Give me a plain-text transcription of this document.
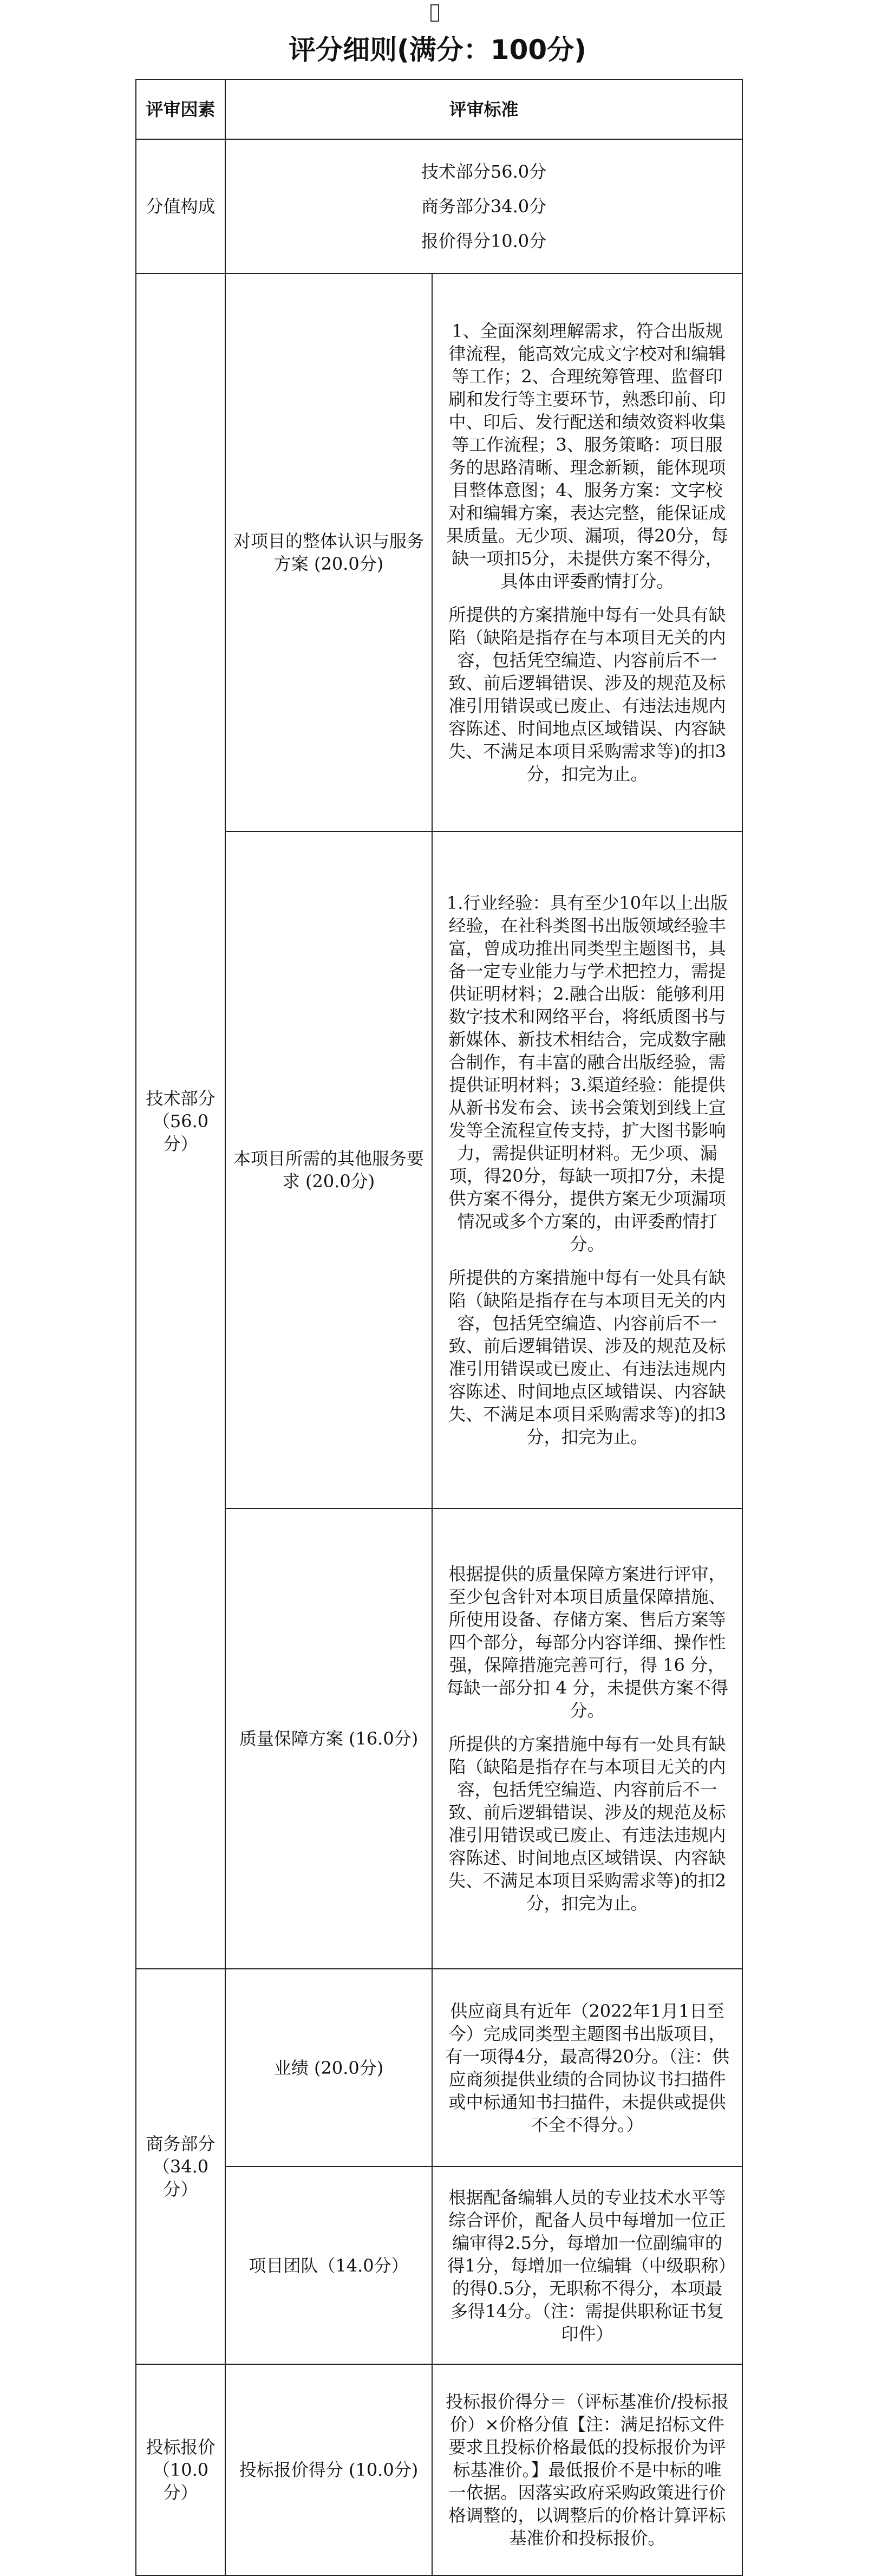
评分细则(满分：100分)
评审因素	评审标准	
分值构成	技术部分56.0分
商务部分34.0分
报价得分10.0分	

技术部分（56.0分）	对项目的整体认识与服务方案 (20.0分)	1、全面深刻理解需求，符合出版规律流程，能高效完成文字校对和编辑等工作；2、合理统筹管理、监督印刷和发行等主要环节，熟悉印前、印中、印后、发行配送和绩效资料收集等工作流程；3、服务策略：项目服务的思路清晰、理念新颖，能体现项目整体意图；4、服务方案：文字校对和编辑方案，表达完整，能保证成果质量。无少项、漏项，得20分，每缺一项扣5分，未提供方案不得分，具体由评委酌情打分。

所提供的方案措施中每有一处具有缺陷（缺陷是指存在与本项目无关的内容，包括凭空编造、内容前后不一致、前后逻辑错误、涉及的规范及标准引用错误或已废止、有违法违规内容陈述、时间地点区域错误、内容缺失、不满足本项目采购需求等)的扣3分，扣完为止。

	本项目所需的其他服务要求 (20.0分)	1.行业经验：具有至少10年以上出版经验，在社科类图书出版领域经验丰富，曾成功推出同类型主题图书，具备一定专业能力与学术把控力，需提供证明材料；2.融合出版：能够利用数字技术和网络平台，将纸质图书与新媒体、新技术相结合，完成数字融合制作，有丰富的融合出版经验，需提供证明材料；3.渠道经验：能提供从新书发布会、读书会策划到线上宣发等全流程宣传支持，扩大图书影响力，需提供证明材料。无少项、漏项，得20分，每缺一项扣7分，未提供方案不得分，提供方案无少项漏项情况或多个方案的，由评委酌情打分。

所提供的方案措施中每有一处具有缺陷（缺陷是指存在与本项目无关的内容，包括凭空编造、内容前后不一致、前后逻辑错误、涉及的规范及标准引用错误或已废止、有违法违规内容陈述、时间地点区域错误、内容缺失、不满足本项目采购需求等)的扣3分，扣完为止。

	质量保障方案 (16.0分)	根据提供的质量保障方案进行评审，至少包含针对本项目质量保障措施、所使用设备、存储方案、售后方案等四个部分，每部分内容详细、操作性强，保障措施完善可行，得 16 分，每缺一部分扣 4 分，未提供方案不得分。

所提供的方案措施中每有一处具有缺陷（缺陷是指存在与本项目无关的内容，包括凭空编造、内容前后不一致、前后逻辑错误、涉及的规范及标准引用错误或已废止、有违法违规内容陈述、时间地点区域错误、内容缺失、不满足本项目采购需求等)的扣2分，扣完为止。

商务部分（34.0分）	业绩 (20.0分)	供应商具有近年（2022年1月1日至今）完成同类型主题图书出版项目，有一项得4分，最高得20分。（注：供应商须提供业绩的合同协议书扫描件或中标通知书扫描件，未提供或提供不全不得分。）

	项目团队（14.0分）	根据配备编辑人员的专业技术水平等综合评价，配备人员中每增加一位正编审得2.5分，每增加一位副编审的得1分，每增加一位编辑（中级职称）的得0.5分，无职称不得分，本项最多得14分。（注：需提供职称证书复印件）

投标报价（10.0分）	投标报价得分 (10.0分)	投标报价得分＝（评标基准价/投标报价）×价格分值【注：满足招标文件要求且投标价格最低的投标报价为评标基准价。】最低报价不是中标的唯一依据。因落实政府采购政策进行价格调整的，以调整后的价格计算评标基准价和投标报价。
